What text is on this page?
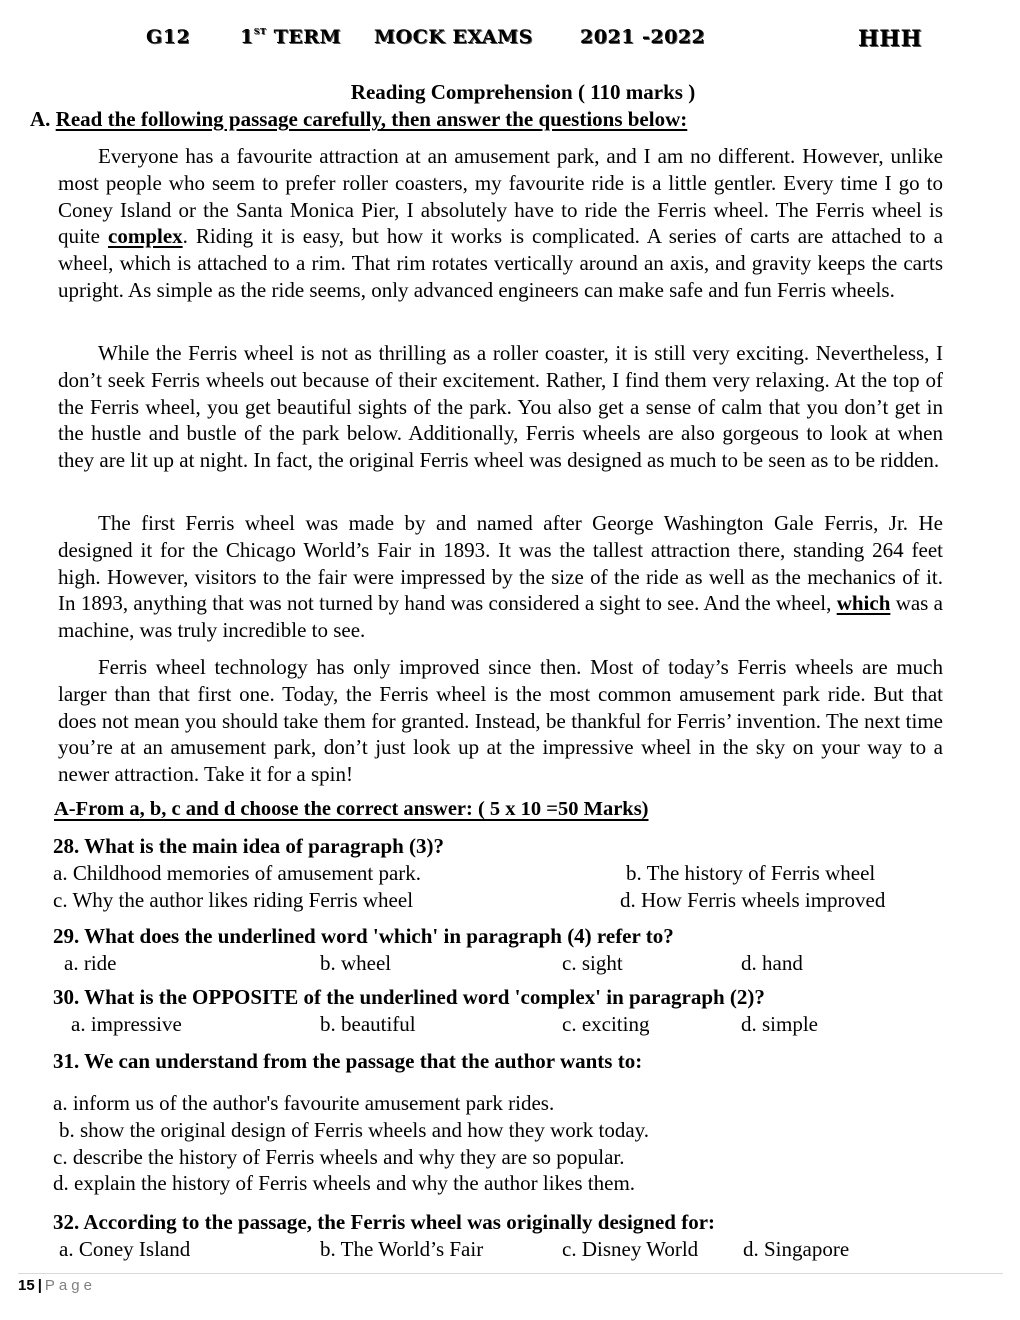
G12	1ST TERM MOCK EXAMS 2021 -2022	HHH
Reading Comprehension ( 110 marks )
A. Read the following passage carefully, then answer the questions below:

Everyone has a favourite attraction at an amusement park, and I am no different. However, unlike most people who seem to prefer roller coasters, my favourite ride is a little gentler. Every time I go to Coney Island or the Santa Monica Pier, I absolutely have to ride the Ferris wheel. The Ferris wheel is quite complex. Riding it is easy, but how it works is complicated. A series of carts are attached to a wheel, which is attached to a rim. That rim rotates vertically around an axis, and gravity keeps the carts upright. As simple as the ride seems, only advanced engineers can make safe and fun Ferris wheels.

While the Ferris wheel is not as thrilling as a roller coaster, it is still very exciting. Nevertheless, I don’t seek Ferris wheels out because of their excitement. Rather, I find them very relaxing. At the top of the Ferris wheel, you get beautiful sights of the park. You also get a sense of calm that you don’t get in the hustle and bustle of the park below. Additionally, Ferris wheels are also gorgeous to look at when they are lit up at night. In fact, the original Ferris wheel was designed as much to be seen as to be ridden.

The first Ferris wheel was made by and named after George Washington Gale Ferris, Jr. He designed it for the Chicago World’s Fair in 1893. It was the tallest attraction there, standing 264 feet high. However, visitors to the fair were impressed by the size of the ride as well as the mechanics of it. In 1893, anything that was not turned by hand was considered a sight to see. And the wheel, which was a machine, was truly incredible to see.

Ferris wheel technology has only improved since then. Most of today’s Ferris wheels are much larger than that first one. Today, the Ferris wheel is the most common amusement park ride. But that does not mean you should take them for granted. Instead, be thankful for Ferris’ invention. The next time you’re at an amusement park, don’t just look up at the impressive wheel in the sky on your way to a newer attraction. Take it for a spin!

A-From a, b, c and d choose the correct answer: ( 5 x 10 =50 Marks)
28. What is the main idea of paragraph (3)?
a. Childhood memories of amusement park.	b. The history of Ferris wheel
c. Why the author likes riding Ferris wheel	d. How Ferris wheels improved
29. What does the underlined word 'which' in paragraph (4) refer to?
a. ride	b. wheel	c. sight	d. hand
30. What is the OPPOSITE of the underlined word 'complex' in paragraph (2)?
a. impressive	b. beautiful	c. exciting	d. simple
31. We can understand from the passage that the author wants to:
a. inform us of the author's favourite amusement park rides.
b. show the original design of Ferris wheels and how they work today.
c. describe the history of Ferris wheels and why they are so popular.
d. explain the history of Ferris wheels and why the author likes them.
32. According to the passage, the Ferris wheel was originally designed for:
a. Coney Island	b. The World’s Fair	c. Disney World d. Singapore
15 | Page
